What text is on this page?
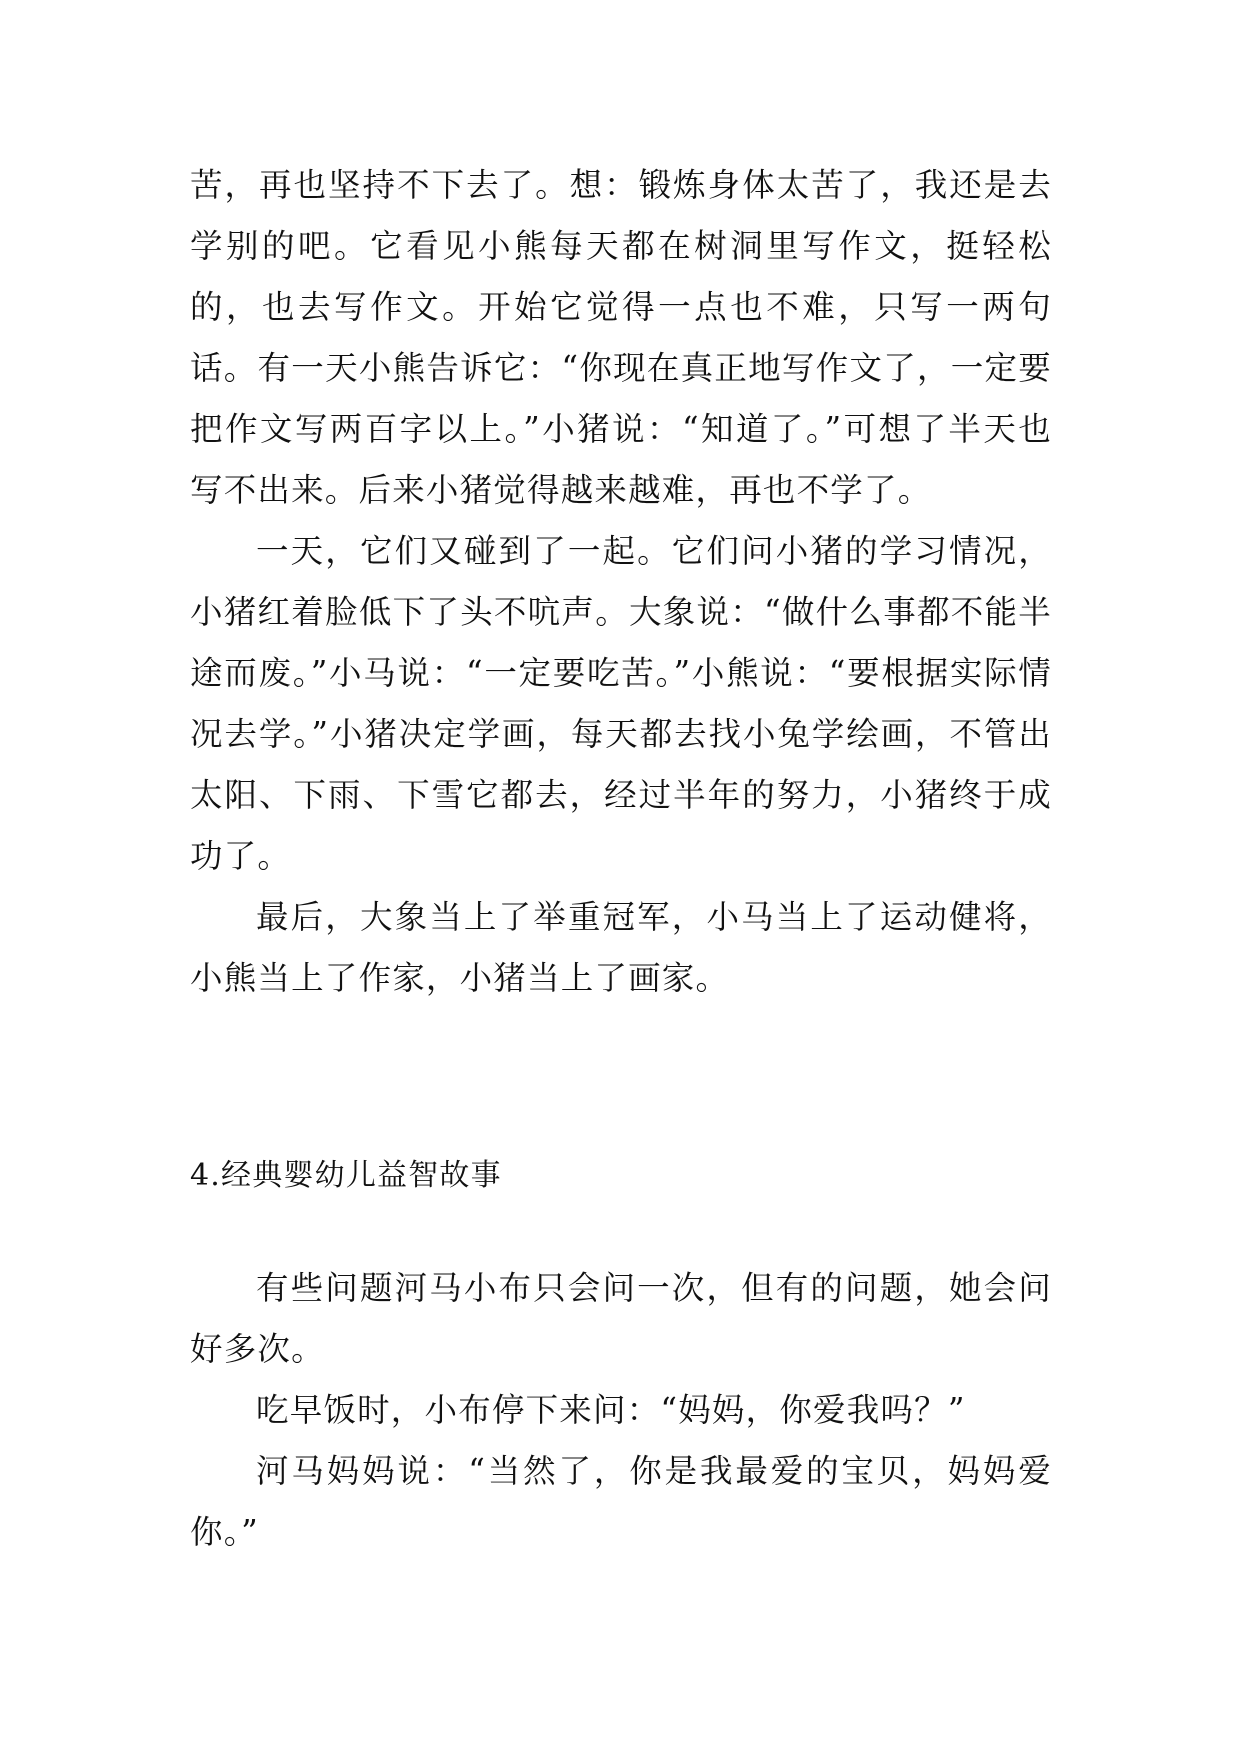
苦，再也坚持不下去了。想：锻炼身体太苦了，我还是去学别的吧。它看见小熊每天都在树洞里写作文，挺轻松的，也去写作文。开始它觉得一点也不难，只写一两句话。有一天小熊告诉它：“你现在真正地写作文了，一定要把作文写两百字以上。”小猪说：“知道了。”可想了半天也写不出来。后来小猪觉得越来越难，再也不学了。

一天，它们又碰到了一起。它们问小猪的学习情况，小猪红着脸低下了头不吭声。大象说：“做什么事都不能半途而废。”小马说：“一定要吃苦。”小熊说：“要根据实际情况去学。”小猪决定学画，每天都去找小兔学绘画，不管出太阳、下雨、下雪它都去，经过半年的努力，小猪终于成功了。

最后，大象当上了举重冠军，小马当上了运动健将，小熊当上了作家，小猪当上了画家。

4.经典婴幼儿益智故事

有些问题河马小布只会问一次，但有的问题，她会问好多次。

吃早饭时，小布停下来问：“妈妈，你爱我吗？”

河马妈妈说：“当然了，你是我最爱的宝贝，妈妈爱你。”
